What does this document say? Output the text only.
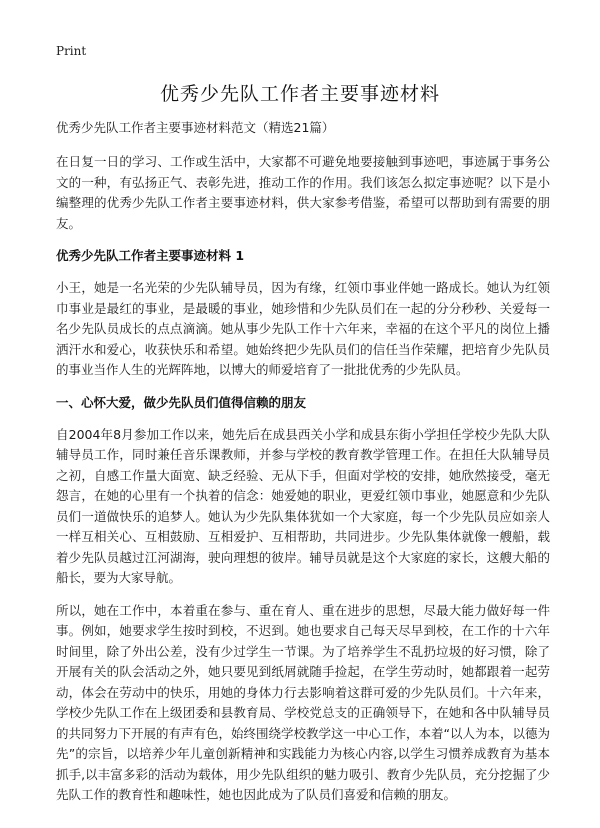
Print
优秀少先队工作者主要事迹材料
优秀少先队工作者主要事迹材料范文（精选21篇）

在日复一日的学习、工作或生活中，大家都不可避免地要接触到事迹吧，事迹属于事务公文的一种，有弘扬正气、表彰先进，推动工作的作用。我们该怎么拟定事迹呢？以下是小编整理的优秀少先队工作者主要事迹材料，供大家参考借鉴，希望可以帮助到有需要的朋友。

优秀少先队工作者主要事迹材料 1

小王，她是一名光荣的少先队辅导员，因为有缘，红领巾事业伴她一路成长。她认为红领巾事业是最红的事业，是最暖的事业，她珍惜和少先队员们在一起的分分秒秒、关爱每一名少先队员成长的点点滴滴。她从事少先队工作十六年来，幸福的在这个平凡的岗位上播洒汗水和爱心，收获快乐和希望。她始终把少先队员们的信任当作荣耀，把培育少先队员的事业当作人生的光辉阵地，以博大的师爱培育了一批批优秀的少先队员。

一、心怀大爱，做少先队员们值得信赖的朋友

自2004年8月参加工作以来，她先后在成县西关小学和成县东街小学担任学校少先队大队辅导员工作，同时兼任音乐课教师，并参与学校的教育教学管理工作。在担任大队辅导员之初，自感工作量大面宽、缺乏经验、无从下手，但面对学校的安排，她欣然接受，毫无怨言，在她的心里有一个执着的信念：她爱她的职业，更爱红领巾事业，她愿意和少先队员们一道做快乐的追梦人。她认为少先队集体犹如一个大家庭，每一个少先队员应如亲人一样互相关心、互相鼓励、互相爱护、互相帮助，共同进步。少先队集体就像一艘船，载着少先队员越过江河湖海，驶向理想的彼岸。辅导员就是这个大家庭的家长，这艘大船的船长，要为大家导航。

所以，她在工作中，本着重在参与、重在育人、重在进步的思想，尽最大能力做好每一件事。例如，她要求学生按时到校，不迟到。她也要求自己每天尽早到校，在工作的十六年时间里，除了外出公差，没有少过学生一节课。为了培养学生不乱扔垃圾的好习惯，除了开展有关的队会活动之外，她只要见到纸屑就随手捡起，在学生劳动时，她都跟着一起劳动，体会在劳动中的快乐，用她的身体力行去影响着这群可爱的少先队员们。十六年来，学校少先队工作在上级团委和县教育局、学校党总支的正确领导下，在她和各中队辅导员的共同努力下开展的有声有色，始终围绕学校教学这一中心工作，本着“以人为本，以德为先”的宗旨，以培养少年儿童创新精神和实践能力为核心内容,以学生习惯养成教育为基本抓手,以丰富多彩的活动为载体，用少先队组织的魅力吸引、教育少先队员，充分挖掘了少先队工作的教育性和趣味性，她也因此成为了队员们喜爱和信赖的朋友。
